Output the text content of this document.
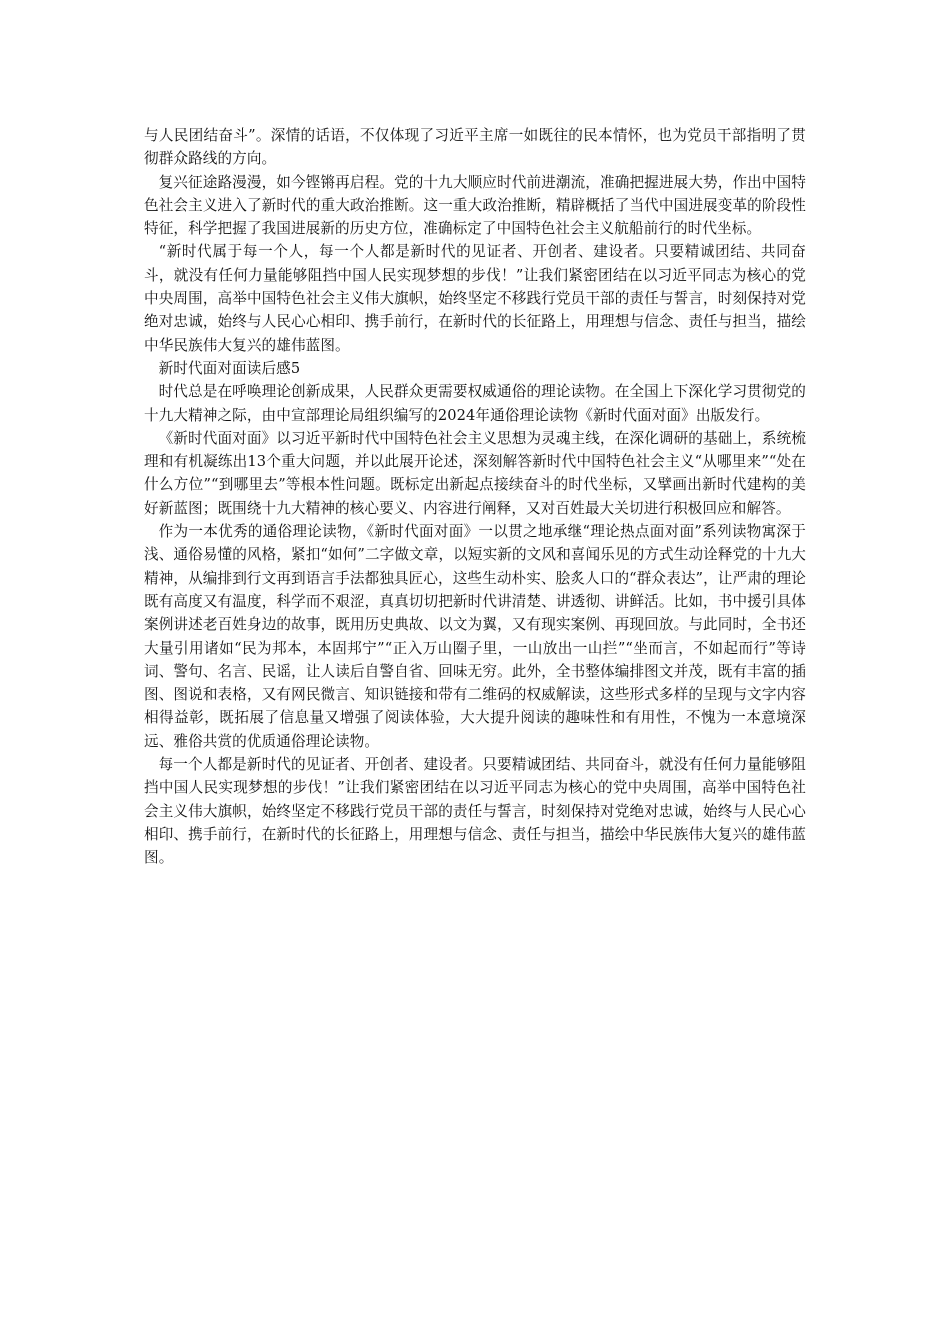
与人民团结奋斗”。深情的话语，不仅体现了习近平主席一如既往的民本情怀，也为党员干部指明了贯彻群众路线的方向。

复兴征途路漫漫，如今铿锵再启程。党的十九大顺应时代前进潮流，准确把握进展大势，作出中国特色社会主义进入了新时代的重大政治推断。这一重大政治推断，精辟概括了当代中国进展变革的阶段性特征，科学把握了我国进展新的历史方位，准确标定了中国特色社会主义航船前行的时代坐标。

“新时代属于每一个人，每一个人都是新时代的见证者、开创者、建设者。只要精诚团结、共同奋斗，就没有任何力量能够阻挡中国人民实现梦想的步伐！”让我们紧密团结在以习近平同志为核心的党中央周围，高举中国特色社会主义伟大旗帜，始终坚定不移践行党员干部的责任与誓言，时刻保持对党绝对忠诚，始终与人民心心相印、携手前行，在新时代的长征路上，用理想与信念、责任与担当，描绘中华民族伟大复兴的雄伟蓝图。

新时代面对面读后感5

时代总是在呼唤理论创新成果，人民群众更需要权威通俗的理论读物。在全国上下深化学习贯彻党的十九大精神之际，由中宣部理论局组织编写的2024年通俗理论读物《新时代面对面》出版发行。

《新时代面对面》以习近平新时代中国特色社会主义思想为灵魂主线，在深化调研的基础上，系统梳理和有机凝练出13个重大问题，并以此展开论述，深刻解答新时代中国特色社会主义“从哪里来”“处在什么方位”“到哪里去”等根本性问题。既标定出新起点接续奋斗的时代坐标，又擘画出新时代建构的美好新蓝图；既围绕十九大精神的核心要义、内容进行阐释，又对百姓最大关切进行积极回应和解答。

作为一本优秀的通俗理论读物，《新时代面对面》一以贯之地承继“理论热点面对面”系列读物寓深于浅、通俗易懂的风格，紧扣“如何”二字做文章，以短实新的文风和喜闻乐见的方式生动诠释党的十九大精神，从编排到行文再到语言手法都独具匠心，这些生动朴实、脍炙人口的“群众表达”，让严肃的理论既有高度又有温度，科学而不艰涩，真真切切把新时代讲清楚、讲透彻、讲鲜活。比如，书中援引具体案例讲述老百姓身边的故事，既用历史典故、以文为翼，又有现实案例、再现回放。与此同时，全书还大量引用诸如“民为邦本，本固邦宁”“正入万山圈子里，一山放出一山拦”“坐而言，不如起而行”等诗词、警句、名言、民谣，让人读后自警自省、回味无穷。此外，全书整体编排图文并茂，既有丰富的插图、图说和表格，又有网民微言、知识链接和带有二维码的权威解读，这些形式多样的呈现与文字内容相得益彰，既拓展了信息量又增强了阅读体验，大大提升阅读的趣味性和有用性，不愧为一本意境深远、雅俗共赏的优质通俗理论读物。

每一个人都是新时代的见证者、开创者、建设者。只要精诚团结、共同奋斗，就没有任何力量能够阻挡中国人民实现梦想的步伐！”让我们紧密团结在以习近平同志为核心的党中央周围，高举中国特色社会主义伟大旗帜，始终坚定不移践行党员干部的责任与誓言，时刻保持对党绝对忠诚，始终与人民心心相印、携手前行，在新时代的长征路上，用理想与信念、责任与担当，描绘中华民族伟大复兴的雄伟蓝图。
